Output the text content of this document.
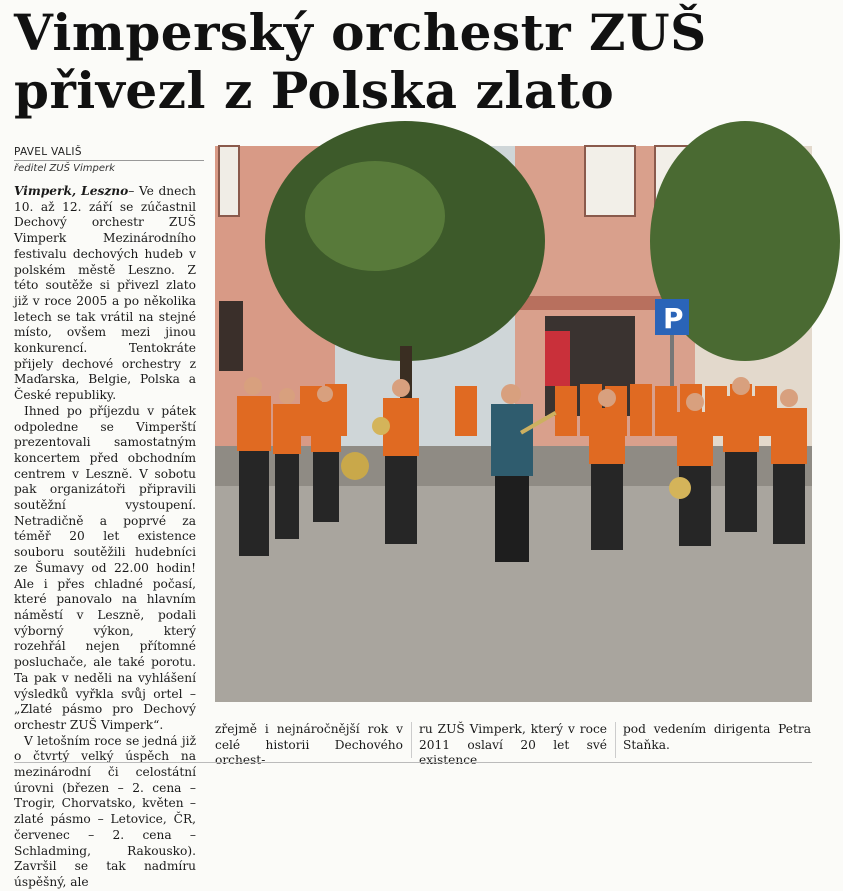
Vimperský orchestr ZUŠ
přivezl z Polska zlato
PAVEL VALIŠ
ředitel ZUŠ Vimperk

Vimperk, Leszno– Ve dnech 10. až 12. září se zúčastnil Dechový orchestr ZUŠ Vimperk Mezinárodního festivalu dechových hudeb v polském městě Leszno. Z této soutěže si přivezl zlato již v roce 2005 a po několika letech se tak vrátil na stejné místo, ovšem mezi jinou konkurencí. Tentokráte přijely dechové orchestry z Maďarska, Belgie, Polska a České republiky.

Ihned po příjezdu v pátek odpoledne se Vimperští prezentovali samostatným koncertem před obchodním centrem v Lesznĕ. V sobotu pak organizátoři připravili soutěžní vystoupení. Netradičně a poprvé za téměř 20 let existence souboru soutěžili hudebníci ze Šumavy od 22.00 hodin! Ale i přes chladné počasí, které panovalo na hlavním náměstí v Lesznĕ, podali výborný výkon, který rozehřál nejen přítomné posluchače, ale také porotu. Ta pak v neděli na vyhlášení výsledků vyřkla svůj ortel – „Zlaté pásmo pro Dechový orchestr ZUŠ Vimperk“.

V letošním roce se jedná již o čtvrtý velký úspěch na mezinárodní či celostátní úrovni (březen – 2. cena – Trogir, Chorvatsko, květen – zlaté pásmo – Letovice, ČR, červenec – 2. cena – Schladming, Rakousko). Završil se tak nadmíru úspěšný, ale

P
zřejmě i nejnáročnější rok v celé historii Dechového orchest-
ru ZUŠ Vimperk, který v roce 2011 oslaví 20 let své existence
pod vedením dirigenta Petra Staňka.
